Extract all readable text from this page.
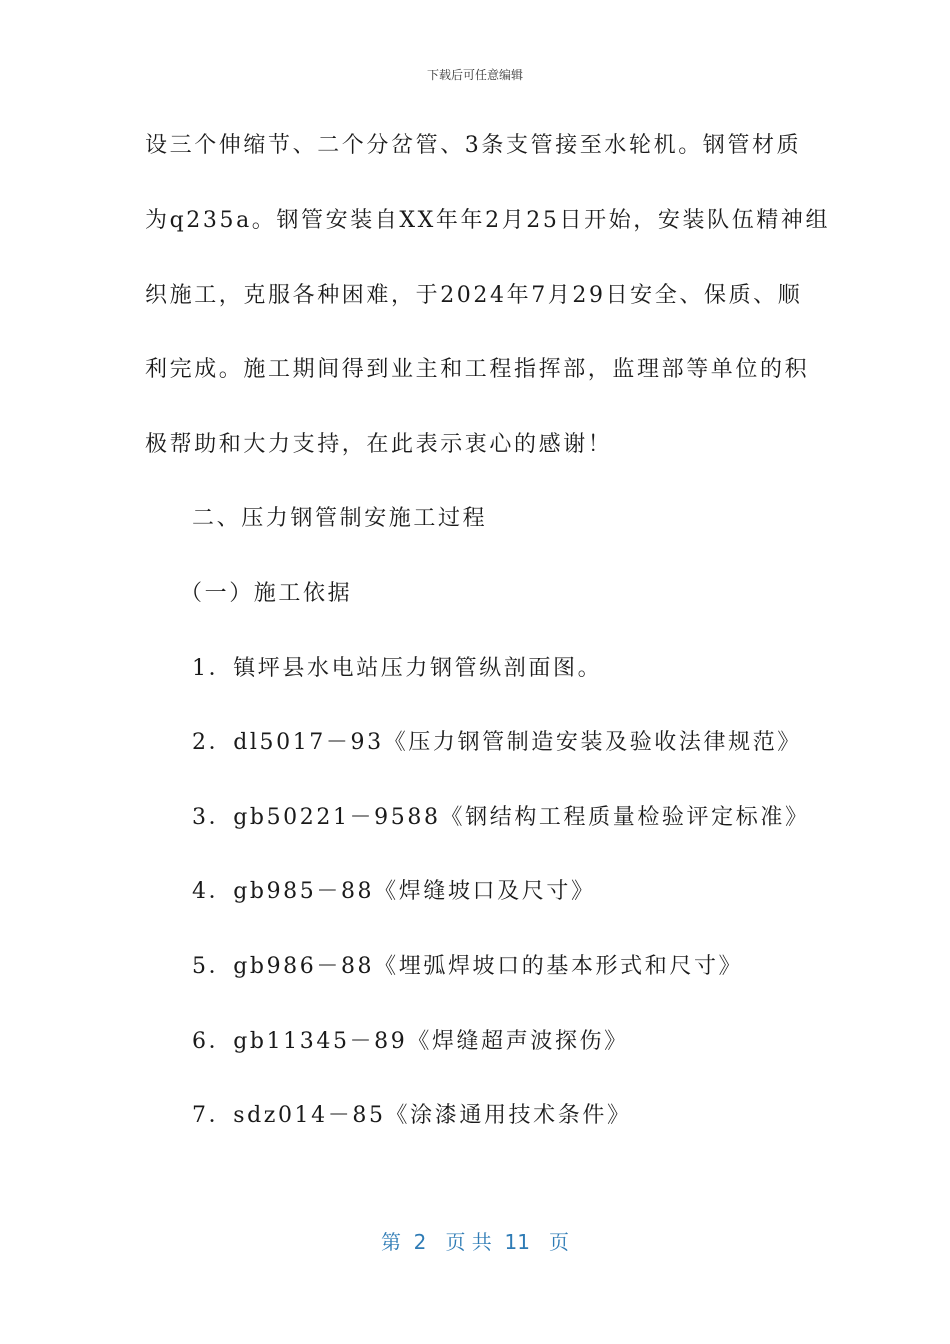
下载后可任意编辑
设三个伸缩节、二个分岔管、3条支管接至水轮机。钢管材质
为q235a。钢管安装自XX年年2月25日开始，安装队伍精神组
织施工，克服各种困难，于2024年7月29日安全、保质、顺
利完成。施工期间得到业主和工程指挥部，监理部等单位的积
极帮助和大力支持，在此表示衷心的感谢！
二、压力钢管制安施工过程
（一）施工依据
1．镇坪县水电站压力钢管纵剖面图。
2．dl5017－93《压力钢管制造安装及验收法律规范》
3．gb50221－9588《钢结构工程质量检验评定标准》
4．gb985－88《焊缝坡口及尺寸》
5．gb986－88《埋弧焊坡口的基本形式和尺寸》
6．gb11345－89《焊缝超声波探伤》
7．sdz014－85《涂漆通用技术条件》
第  2   页 共  11   页
